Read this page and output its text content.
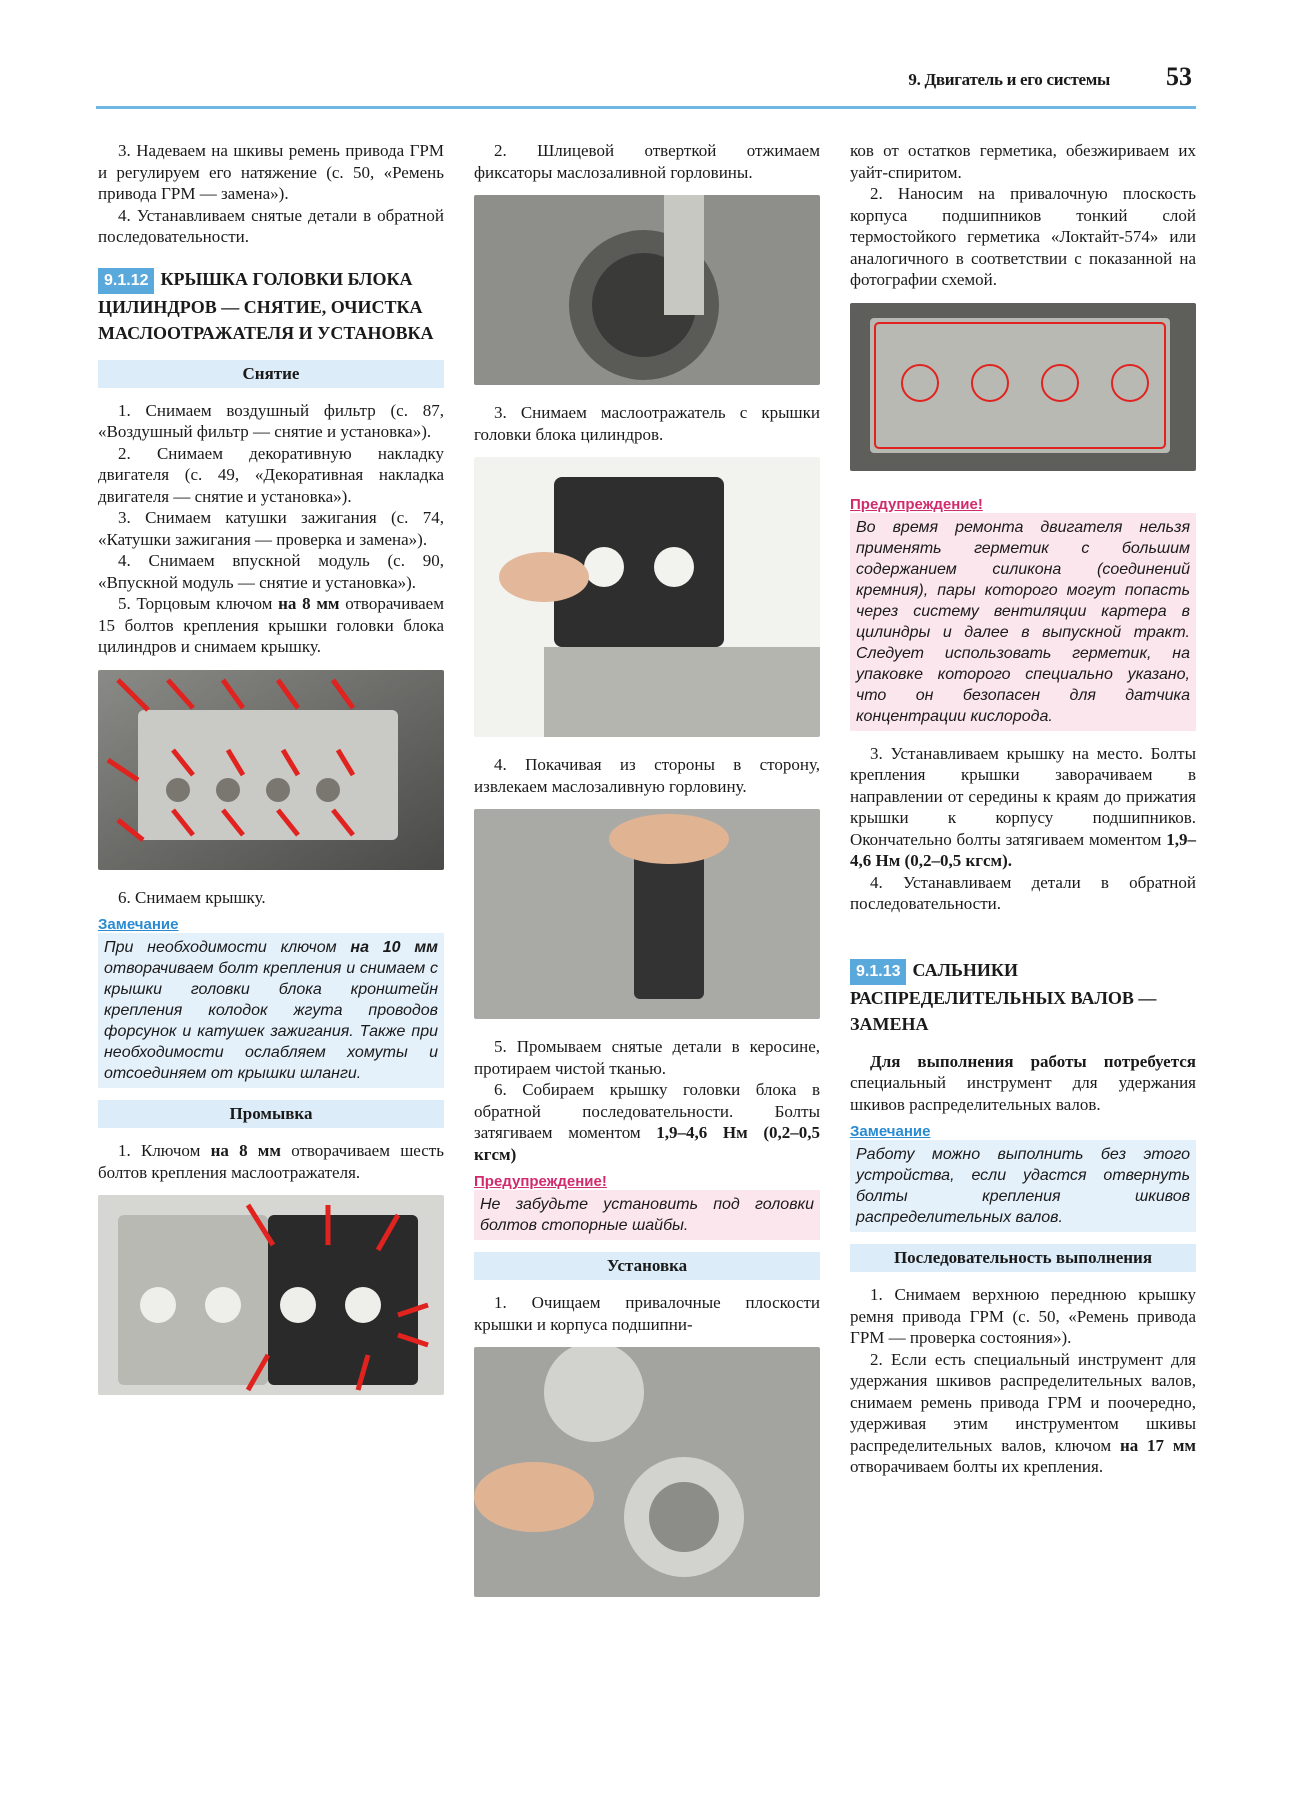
9. Двигатель и его системы 53

3. Надеваем на шкивы ремень привода ГРМ и регулируем его натяжение (с. 50, «Ремень привода ГРМ — замена»).

4. Устанавливаем снятые детали в обратной последовательности.

9.1.12 КРЫШКА ГОЛОВКИ БЛОКА ЦИЛИНДРОВ — СНЯТИЕ, ОЧИСТКА МАСЛООТРАЖАТЕЛЯ И УСТАНОВКА
Снятие

1. Снимаем воздушный фильтр (с. 87, «Воздушный фильтр — снятие и установка»).

2. Снимаем декоративную накладку двигателя (с. 49, «Декоративная накладка двигателя — снятие и установка»).

3. Снимаем катушки зажигания (с. 74, «Катушки зажигания — проверка и замена»).

4. Снимаем впускной модуль (с. 90, «Впускной модуль — снятие и установка»).

5. Торцовым ключом на 8 мм отворачиваем 15 болтов крепления крышки головки блока цилиндров и снимаем крышку.

6. Снимаем крышку.

Замечание
При необходимости ключом на 10 мм отворачиваем болт крепления и снимаем с крышки головки блока кронштейн крепления колодок жгута проводов форсунок и катушек зажигания. Также при необходимости ослабляем хомуты и отсоединяем от крышки шланги.
Промывка

1. Ключом на 8 мм отворачиваем шесть болтов крепления маслоотражателя.

2. Шлицевой отверткой отжимаем фиксаторы маслозаливной горловины.

3. Снимаем маслоотражатель с крышки головки блока цилиндров.

4. Покачивая из стороны в сторону, извлекаем маслозаливную горловину.

5. Промываем снятые детали в керосине, протираем чистой тканью.

6. Собираем крышку головки блока в обратной последовательности. Болты затягиваем моментом 1,9–4,6 Нм (0,2–0,5 кгсм)

Предупреждение!
Не забудьте установить под головки болтов стопорные шайбы.
Установка

1. Очищаем привалочные плоскости крышки и корпуса подшипни-

ков от остатков герметика, обезжириваем их уайт-спиритом.

2. Наносим на привалочную плоскость корпуса подшипников тонкий слой термостойкого герметика «Локтайт-574» или аналогичного в соответствии с показанной на фотографии схемой.

Предупреждение!
Во время ремонта двигателя нельзя применять герметик с большим содержанием силикона (соединений кремния), пары которого могут попасть через систему вентиляции картера в цилиндры и далее в выпускной тракт. Следует использовать герметик, на упаковке которого специально указано, что он безопасен для датчика концентрации кислорода.

3. Устанавливаем крышку на место. Болты крепления крышки заворачиваем в направлении от середины к краям до прижатия крышки к корпусу подшипников. Окончательно болты затягиваем моментом 1,9–4,6 Нм (0,2–0,5 кгсм).

4. Устанавливаем детали в обратной последовательности.

9.1.13 САЛЬНИКИ РАСПРЕДЕЛИТЕЛЬНЫХ ВАЛОВ — ЗАМЕНА

Для выполнения работы потребуется специальный инструмент для удержания шкивов распределительных валов.

Замечание
Работу можно выполнить без этого устройства, если удастся отвернуть болты крепления шкивов распределительных валов.
Последовательность выполнения

1. Снимаем верхнюю переднюю крышку ремня привода ГРМ (с. 50, «Ремень привода ГРМ — проверка состояния»).

2. Если есть специальный инструмент для удержания шкивов распределительных валов, снимаем ремень привода ГРМ и поочередно, удерживая этим инструментом шкивы распределительных валов, ключом на 17 мм отворачиваем болты их крепления.
